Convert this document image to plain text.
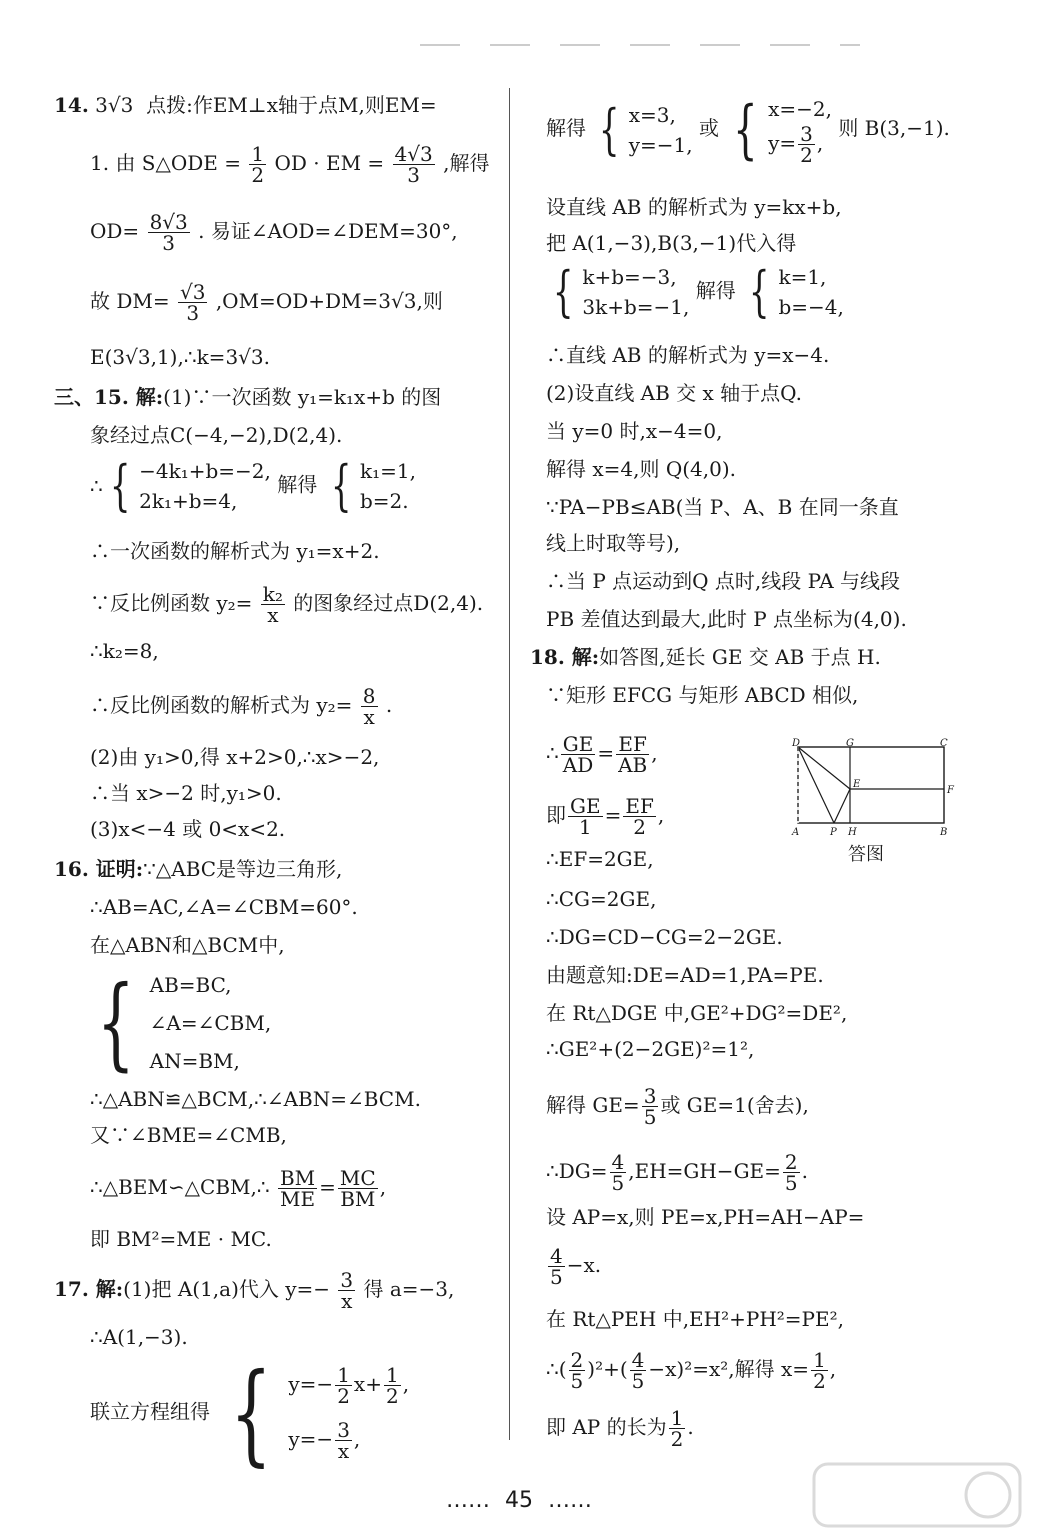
14. 3√3 点拨:作EM⊥x轴于点M,则EM=
1. 由 S△ODE = $\frac{1}{2}$ OD · EM = $\frac{4√3}{3}$ ,解得
$OD= \frac{8√3}{3}$ . 易证∠AOD=∠DEM=30°,
故 $DM= \frac{√3}{3} ,OM=OD+DM=3√3$,则
E(3√3,1),∴k=3√3.
三、15. 解:(1)∵一次函数 y₁=k₁x+b 的图
象经过点C(−4,−2),D(2,4).
∴ { −4k₁+b=−2,
2k₁+b=4,
解得 { k₁=1,
b=2.
∴一次函数的解析式为 y₁=x+2.
∵反比例函数 $y_2= \frac{\text{k₂}}{x}$ 的图象经过点D(2,4).
∴k₂=8,
∴反比例函数的解析式为 $y_2= \frac{8}{x}$ .
(2)由 y₁>0,得 x+2>0,∴x>−2,
∴当 x>−2 时,y₁>0.
(3)x<−4 或 0<x<2.
16. 证明:∵△ABC是等边三角形,
∴AB=AC,∠A=∠CBM=60°.
在△ABN和△BCM中,
{ AB=BC,
∠A=∠CBM,
AN=BM,
∴△ABN≌△BCM,∴∠ABN=∠BCM.
又∵∠BME=∠CMB,
∴△BEM∽△CBM,∴ $\frac{BM}{ME} = \frac{MC}{BM}$ ,
即 BM²=ME · MC.
17. 解:(1)把 A(1,a)代入 $y=- \frac{3}{x}$ 得 a=−3,
∴A(1,−3).
联立方程组得 { $y=- \frac{1}{2} x+ \frac{1}{2}$ ,
$y=- \frac{3}{x}$ ,
解得 { x=3,
y=−1,
或 { x=−2,
$y= \frac{3}{2}$ ,
则 B(3,−1).
设直线 AB 的解析式为 y=kx+b,
把 A(1,−3),B(3,−1)代入得
{ k+b=−3,
3k+b=−1,
解得 { k=1,
b=−4,
∴直线 AB 的解析式为 y=x−4.
(2)设直线 AB 交 x 轴于点Q.
当 y=0 时,x−4=0,
解得 x=4,则 Q(4,0).
∵PA−PB≤AB(当 P、A、B 在同一条直
线上时取等号),
∴当 P 点运动到Q 点时,线段 PA 与线段
PB 差值达到最大,此时 P 点坐标为(4,0).
18. 解:如答图,延长 GE 交 AB 于点 H.
∵矩形 EFCG 与矩形 ABCD 相似,
∴ $\frac{GE}{AD} = \frac{EF}{AB}$ ,
即 $\frac{GE}{1} = \frac{EF}{2}$ ,
∴EF=2GE,
∴CG=2GE,
∴DG=CD−CG=2−2GE.
由题意知:DE=AD=1,PA=PE.
在 Rt△DGE 中,GE²+DG²=DE²,
∴GE²+(2−2GE)²=1²,
解得 $GE= \frac{3}{5}$ 或 GE=1(舍去),
∴DG= $\frac{4}{5} ,EH=GH-GE= \frac{2}{5}$ .
设 AP=x,则 PE=x,PH=AH−AP=
$\frac{4}{5} -x$.
在 Rt△PEH 中,EH²+PH²=PE²,
∴( $\frac{2}{5} )^2+( \frac{4}{5} -x)^2=x^2$,解得 $x= \frac{1}{2}$ ,
即 AP 的长为 $\frac{1}{2}$ .
D	G	C
E
F
A	P H	B
答图
…… 45 ……
